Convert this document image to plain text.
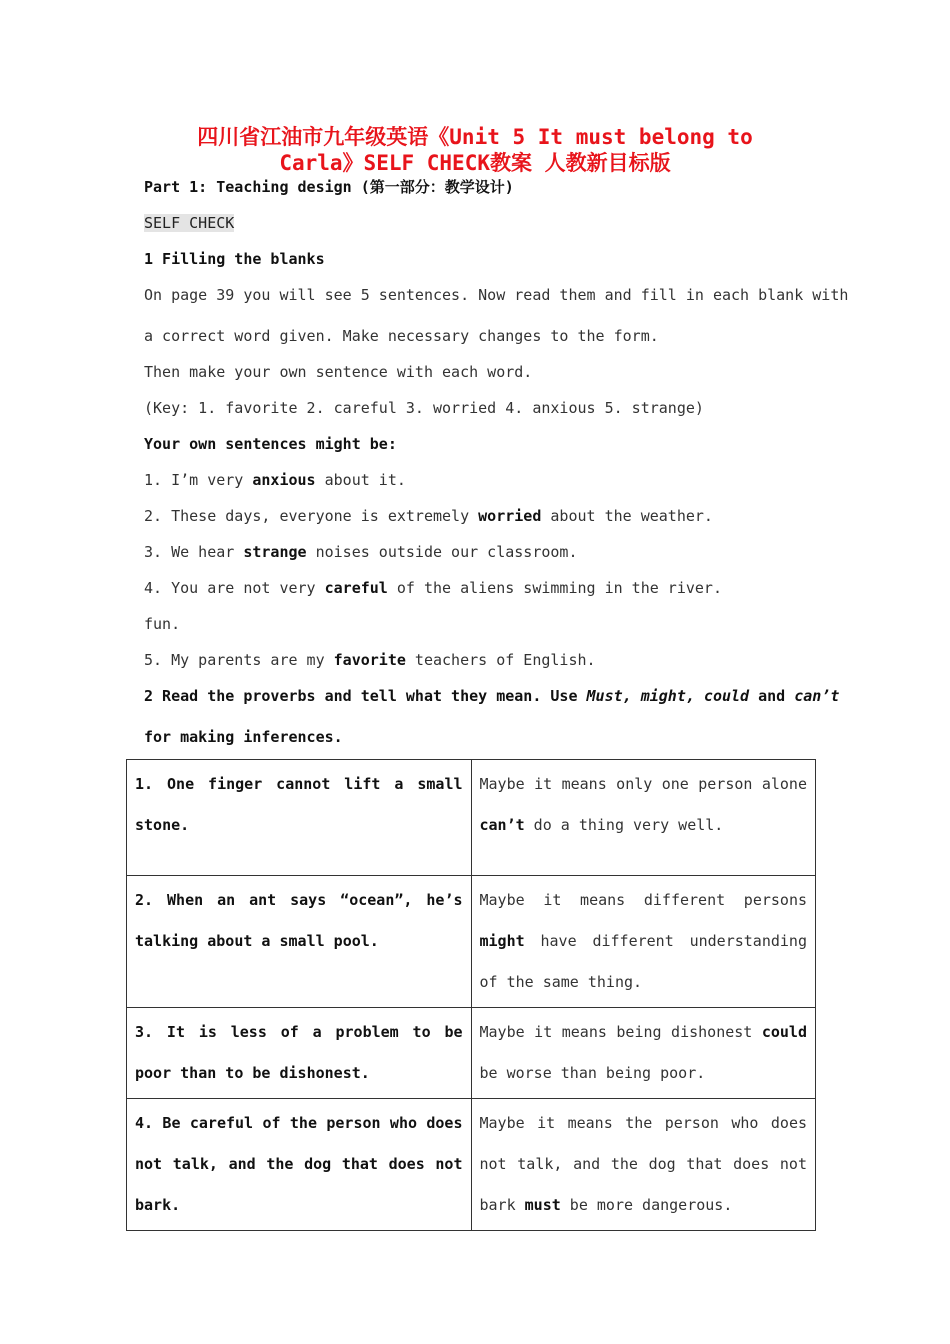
四川省江油市九年级英语《Unit 5 It must belong to
Carla》SELF CHECK教案 人教新目标版
Part 1: Teaching design (第一部分：教学设计)
SELF CHECK
1 Filling the blanks
On page 39 you will see 5 sentences. Now read them and fill in each blank with
a correct word given. Make necessary changes to the form.
Then make your own sentence with each word.
(Key: 1. favorite 2. careful 3. worried 4. anxious 5. strange)
Your own sentences might be:
1. I’m very anxious about it.
2. These days, everyone is extremely worried about the weather.
3. We hear strange noises outside our classroom.
4. You are not very careful of the aliens swimming in the river.
fun.
5. My parents are my favorite teachers of English.
2 Read the proverbs and tell what they mean. Use Must, might, could and can’t
for making inferences.
1. One finger cannot lift a small stone.	Maybe it means only one person alone can’t do a thing very well.
2. When an ant says “ocean”, he’s talking about a small pool.	Maybe it means different persons might have different understanding of the same thing.
3. It is less of a problem to be poor than to be dishonest.	Maybe it means being dishonest could be worse than being poor.
4. Be careful of the person who does not talk, and the dog that does not bark.	Maybe it means the person who does not talk, and the dog that does not bark must be more dangerous.
